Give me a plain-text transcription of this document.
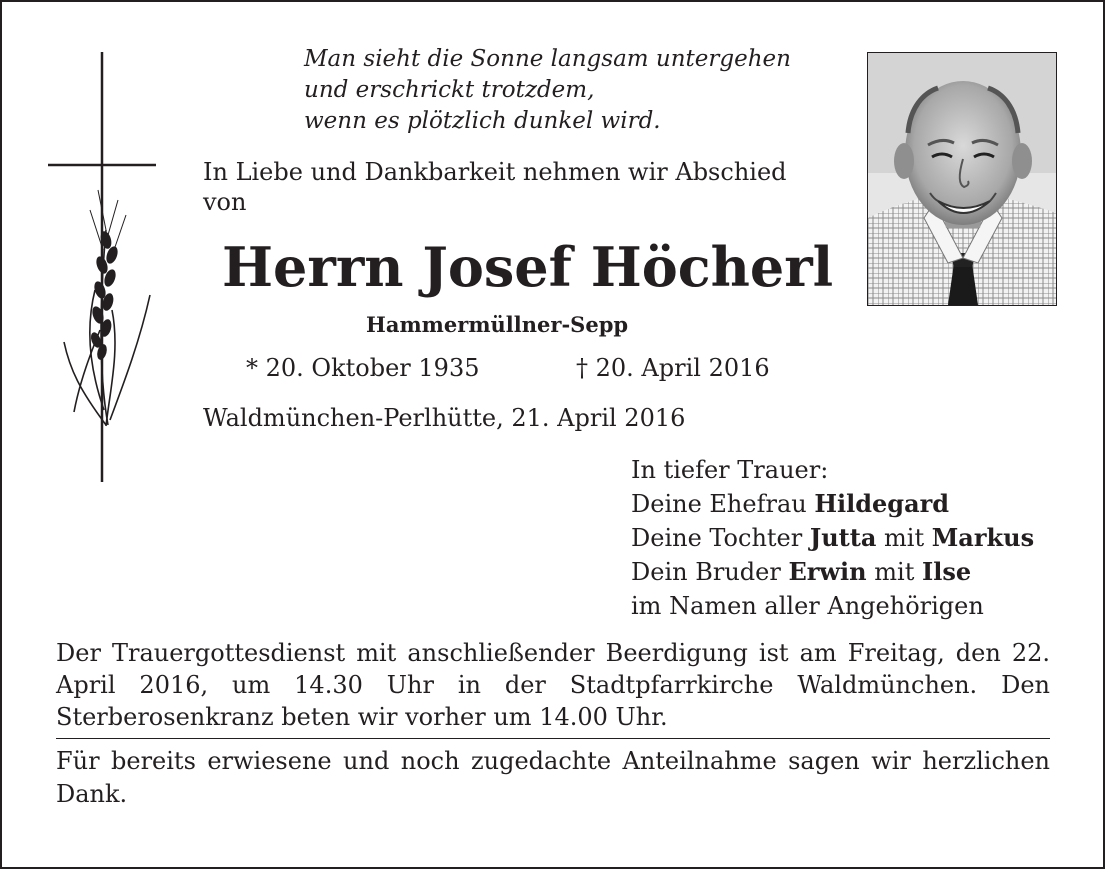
Man sieht die Sonne langsam untergehen
und erschrickt trotzdem,
wenn es plötzlich dunkel wird.
In Liebe und Dankbarkeit nehmen wir Abschied
von
Herrn Josef Höcherl
Hammermüllner-Sepp
* 20. Oktober 1935	† 20. April 2016
Waldmünchen-Perlhütte, 21. April 2016
In tiefer Trauer:
Deine Ehefrau Hildegard
Deine Tochter Jutta mit Markus
Dein Bruder Erwin mit Ilse
im Namen aller Angehörigen
Der Trauergottesdienst mit anschließender Beerdigung ist am Freitag, den 22. April 2016, um 14.30 Uhr in der Stadtpfarrkirche Waldmünchen. Den Sterberosenkranz beten wir vorher um 14.00 Uhr.
Für bereits erwiesene und noch zugedachte Anteilnahme sagen wir herzlichen Dank.
